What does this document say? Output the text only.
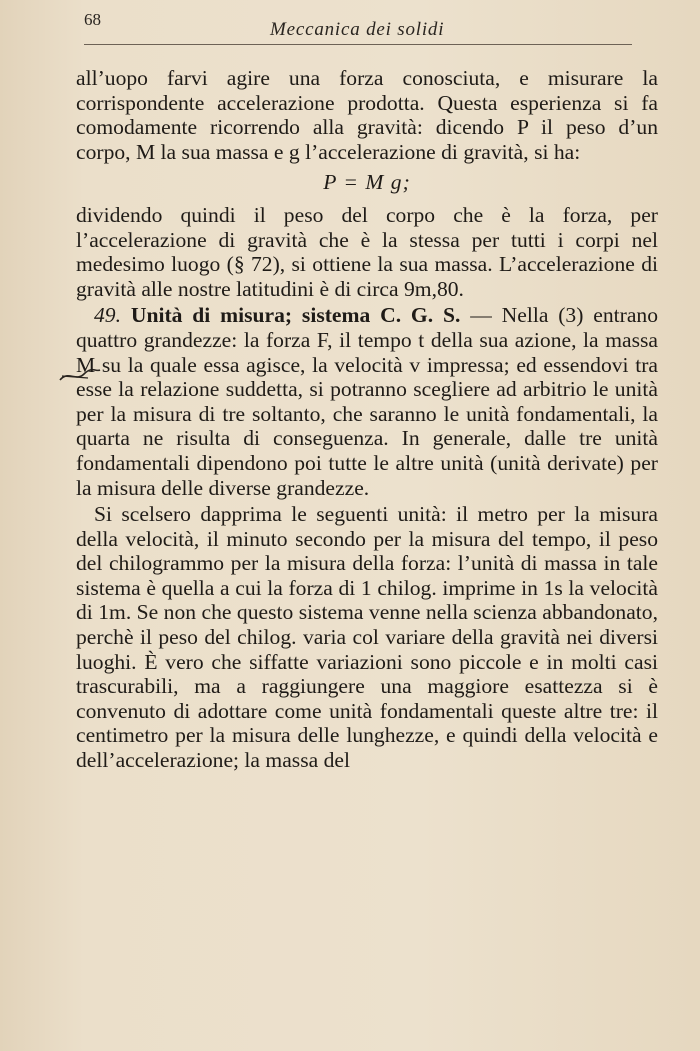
68	Meccanica dei solidi

all’uopo farvi agire una forza conosciuta, e misurare la corrispondente accelerazione prodotta. Questa esperienza si fa comodamente ricorrendo alla gravità: dicendo P il peso d’un corpo, M la sua massa e g l’accelerazione di gravità, si ha:

P = M g;

dividendo quindi il peso del corpo che è la forza, per l’accelerazione di gravità che è la stessa per tutti i corpi nel medesimo luogo (§ 72), si ottiene la sua massa. L’accelerazione di gravità alle nostre latitudini è di circa 9m,80.

49. Unità di misura; sistema C. G. S. — Nella (3) entrano quattro grandezze: la forza F, il tempo t della sua azione, la massa M su la quale essa agisce, la velocità v impressa; ed essendovi tra esse la relazione suddetta, si potranno scegliere ad arbitrio le unità per la misura di tre soltanto, che saranno le unità fondamentali, la quarta ne risulta di conseguenza. In generale, dalle tre unità fondamentali dipendono poi tutte le altre unità (unità derivate) per la misura delle diverse grandezze.

Si scelsero dapprima le seguenti unità: il metro per la misura della velocità, il minuto secondo per la misura del tempo, il peso del chilogrammo per la misura della forza: l’unità di massa in tale sistema è quella a cui la forza di 1 chilog. imprime in 1s la velocità di 1m. Se non che questo sistema venne nella scienza abbandonato, perchè il peso del chilog. varia col variare della gravità nei diversi luoghi. È vero che siffatte variazioni sono piccole e in molti casi trascurabili, ma a raggiungere una maggiore esattezza si è convenuto di adottare come unità fondamentali queste altre tre: il centimetro per la misura delle lunghezze, e quindi della velocità e dell’accelerazione; la massa del
